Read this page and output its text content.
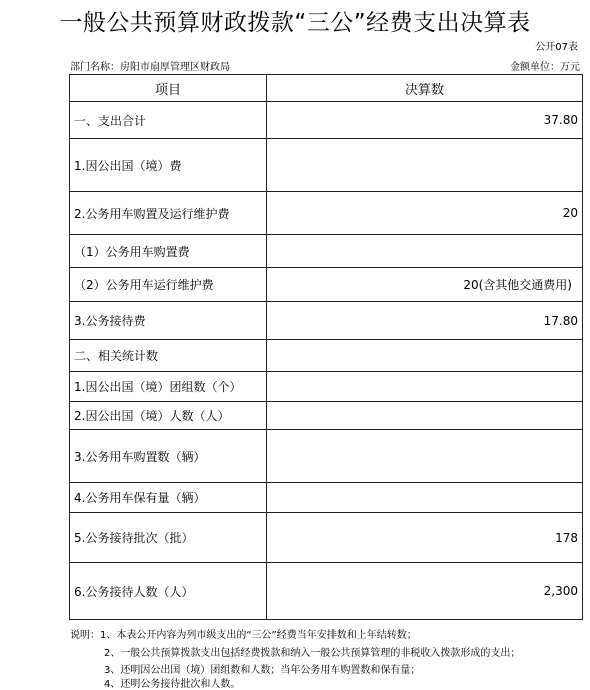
一般公共预算财政拨款“三公”经费支出决算表
公开07表
部门名称：房阳市扇厚管理区财政局	金额单位：万元
项目	决算数
一、支出合计	37.80
1.因公出国（境）费	
2.公务用车购置及运行维护费	20
（1）公务用车购置费	
（2）公务用车运行维护费	20(含其他交通费用)
3.公务接待费	17.80
二、相关统计数	
1.因公出国（境）团组数（个）	
2.因公出国（境）人数（人）	
3.公务用车购置数（辆）	
4.公务用车保有量（辆）	
5.公务接待批次（批）	178
6.公务接待人数（人）	2,300
说明：1、本表公开内容为列市级支出的“三公”经费当年安排数和上年结转数；
2、一般公共预算拨款支出包括经费拨款和纳入一般公共预算管理的非税收入拨款形成的支出；
3、还明因公出国（境）团组数和人数；当年公务用车购置数和保有量；
4、还明公务接待批次和人数。
